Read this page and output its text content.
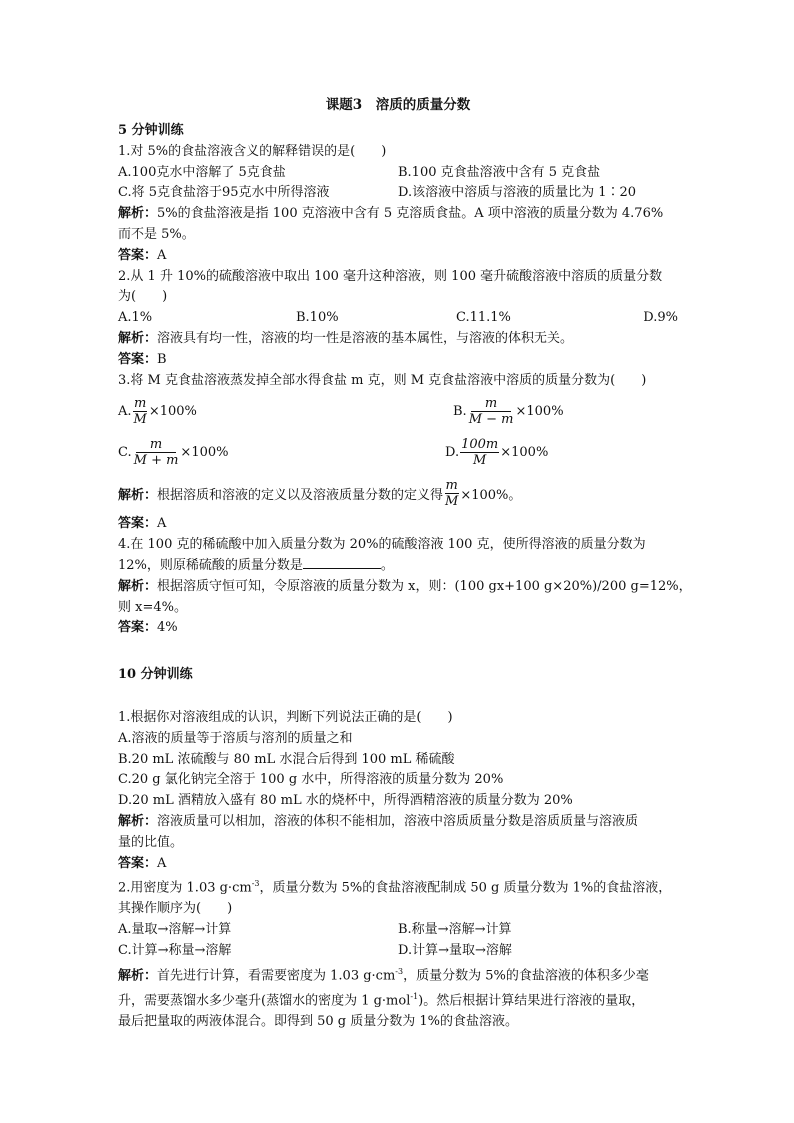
课题3　溶质的质量分数
5 分钟训练
1.对 5%的食盐溶液含义的解释错误的是(　　)
A.100克水中溶解了 5克食盐	B.100 克食盐溶液中含有 5 克食盐
C.将 5克食盐溶于95克水中所得溶液	D.该溶液中溶质与溶液的质量比为 1∶20
解析：5%的食盐溶液是指 100 克溶液中含有 5 克溶质食盐。A 项中溶液的质量分数为 4.76%
而不是 5%。
答案：A
2.从 1 升 10%的硫酸溶液中取出 100 毫升这种溶液，则 100 毫升硫酸溶液中溶质的质量分数
为(　　)
A.1%	B.10%	C.11.1%	D.9%
解析：溶液具有均一性，溶液的均一性是溶液的基本属性，与溶液的体积无关。
答案：B
3.将 M 克食盐溶液蒸发掉全部水得食盐 m 克，则 M 克食盐溶液中溶质的质量分数为(　　)
A. $\frac{m}{M} \times 100\%$	B. $\frac{m}{M - m} \times 100\%$
C. $\frac{m}{M + m} \times 100\%$	D. $\frac{100m}{M} \times 100\%$
解析： 根据溶质和溶液的定义以及溶液质量分数的定义得 $\frac{m}{M} \times 100\%$。
答案：A
4.在 100 克的稀硫酸中加入质量分数为 20%的硫酸溶液 100 克，使所得溶液的质量分数为
12%，则原稀硫酸的质量分数是	。
解析：根据溶质守恒可知，令原溶液的质量分数为 x，则：(100 gx+100 g×20%)/200 g=12%，
则 x=4%。
答案：4%
10 分钟训练
1.根据你对溶液组成的认识，判断下列说法正确的是(　　)
A.溶液的质量等于溶质与溶剂的质量之和
B.20 mL 浓硫酸与 80 mL 水混合后得到 100 mL 稀硫酸
C.20 g 氯化钠完全溶于 100 g 水中，所得溶液的质量分数为 20%
D.20 mL 酒精放入盛有 80 mL 水的烧杯中，所得酒精溶液的质量分数为 20%
解析：溶液质量可以相加，溶液的体积不能相加，溶液中溶质质量分数是溶质质量与溶液质
量的比值。
答案：A
2.用密度为 1.03 $g\cdot cm^{-3}$，质量分数为 5%的食盐溶液配制成 50 g 质量分数为 1%的食盐溶液，
其操作顺序为(　　)
A.量取→溶解→计算	B.称量→溶解→计算
C.计算→称量→溶解	D.计算→量取→溶解
解析：首先进行计算，看需要密度为 1.03 $g\cdot cm^{-3}$，质量分数为 5%的食盐溶液的体积多少毫
升，需要蒸馏水多少毫升(蒸馏水的密度为 1 g·mol$^{-1}$)。然后根据计算结果进行溶液的量取，
最后把量取的两液体混合。即得到 50 g 质量分数为 1%的食盐溶液。
